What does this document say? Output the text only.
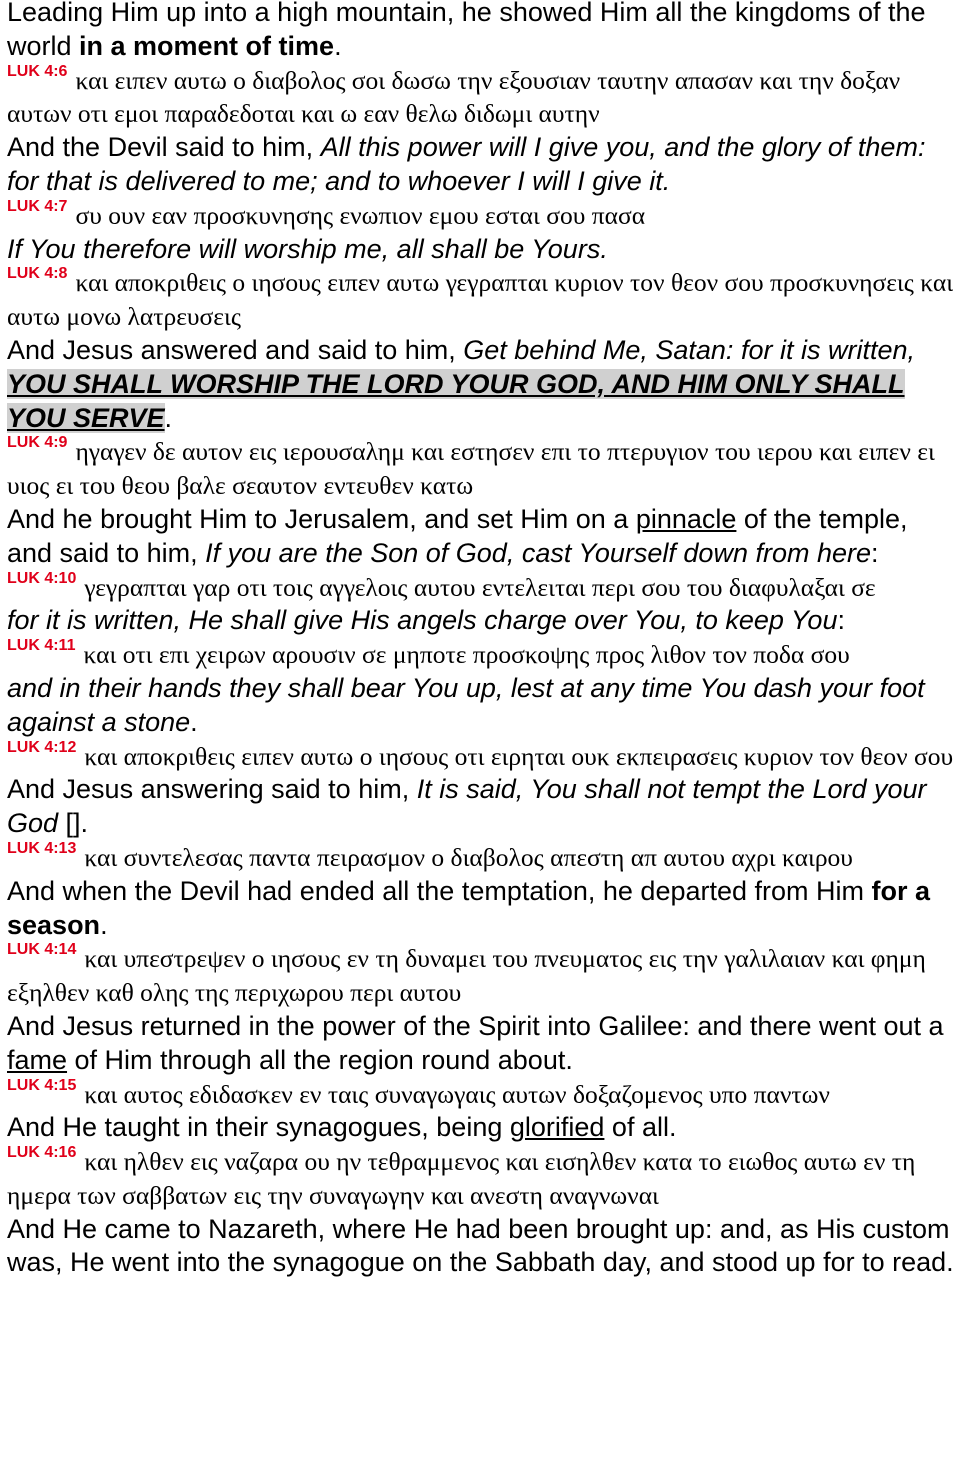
Leading Him up into a high mountain, he showed Him all the kingdoms of the world in a moment of time.

$^{LUK 4:6}$ και ειπεν αυτω ο διαβολος σοι δωσω την εξουσιαν ταυτην απασαν και την δοξαν αυτων οτι εμοι παραδεδοται και ω εαν θελω διδωμι αυτην

And the Devil said to him, All this power will I give you, and the glory of them: for that is delivered to me; and to whoever I will I give it.

$^{LUK 4:7}$ συ ουν εαν προσκυνησης ενωπιον εμου εσται σου πασα

If You therefore will worship me, all shall be Yours.

$^{LUK 4:8}$ και αποκριθεις ο ιησους ειπεν αυτω γεγραπται κυριον τον θεον σου προσκυνησεις και αυτω μονω λατρευσεις

And Jesus answered and said to him, Get behind Me, Satan: for it is written, YOU SHALL WORSHIP THE LORD YOUR GOD, AND HIM ONLY SHALL YOU SERVE.

$^{LUK 4:9}$ ηγαγεν δε αυτον εις ιερουσαλημ και εστησεν επι το πτερυγιον του ιερου και ειπεν ει υιος ει του θεου βαλε σεαυτον εντευθεν κατω

And he brought Him to Jerusalem, and set Him on a pinnacle of the temple, and said to him, If you are the Son of God, cast Yourself down from here:

$^{LUK 4:10}$ γεγραπται γαρ οτι τοις αγγελοις αυτου εντελειται περι σου του διαφυλαξαι σε

for it is written, He shall give His angels charge over You, to keep You:

$^{LUK 4:11}$ και οτι επι χειρων αρουσιν σε μηποτε προσκοψης προς λιθον τον ποδα σου

and in their hands they shall bear You up, lest at any time You dash your foot against a stone.

$^{LUK 4:12}$ και αποκριθεις ειπεν αυτω ο ιησους οτι ειρηται ουκ εκπειρασεις κυριον τον θεον σου

And Jesus answering said to him, It is said, You shall not tempt the Lord your God [].

$^{LUK 4:13}$ και συντελεσας παντα πειρασμον ο διαβολος απεστη απ αυτου αχρι καιρου

And when the Devil had ended all the temptation, he departed from Him for a season.

$^{LUK 4:14}$ και υπεστρεψεν ο ιησους εν τη δυναμει του πνευματος εις την γαλιλαιαν και φημη εξηλθεν καθ ολης της περιχωρου περι αυτου

And Jesus returned in the power of the Spirit into Galilee: and there went out a fame of Him through all the region round about.

$^{LUK 4:15}$ και αυτος εδιδασκεν εν ταις συναγωγαις αυτων δοξαζομενος υπο παντων

And He taught in their synagogues, being glorified of all.

$^{LUK 4:16}$ και ηλθεν εις ναζαρα ου ην τεθραμμενος και εισηλθεν κατα το ειωθος αυτω εν τη ημερα των σαββατων εις την συναγωγην και ανεστη αναγνωναι

And He came to Nazareth, where He had been brought up: and, as His custom was, He went into the synagogue on the Sabbath day, and stood up for to read.
